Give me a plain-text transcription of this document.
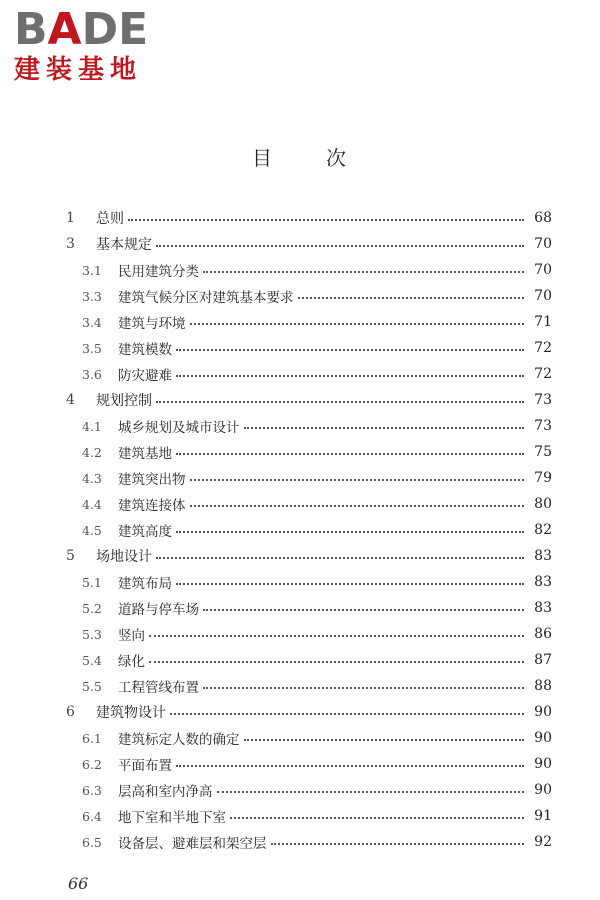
BADE
建装基地
目	次
1	总则	68
3	基本规定	70
3.1	民用建筑分类	70
3.3	建筑气候分区对建筑基本要求	70
3.4	建筑与环境	71
3.5	建筑模数	72
3.6	防灾避难	72
4	规划控制	73
4.1	城乡规划及城市设计	73
4.2	建筑基地	75
4.3	建筑突出物	79
4.4	建筑连接体	80
4.5	建筑高度	82
5	场地设计	83
5.1	建筑布局	83
5.2	道路与停车场	83
5.3	竖向	86
5.4	绿化	87
5.5	工程管线布置	88
6	建筑物设计	90
6.1	建筑标定人数的确定	90
6.2	平面布置	90
6.3	层高和室内净高	90
6.4	地下室和半地下室	91
6.5	设备层、避难层和架空层	92
66
